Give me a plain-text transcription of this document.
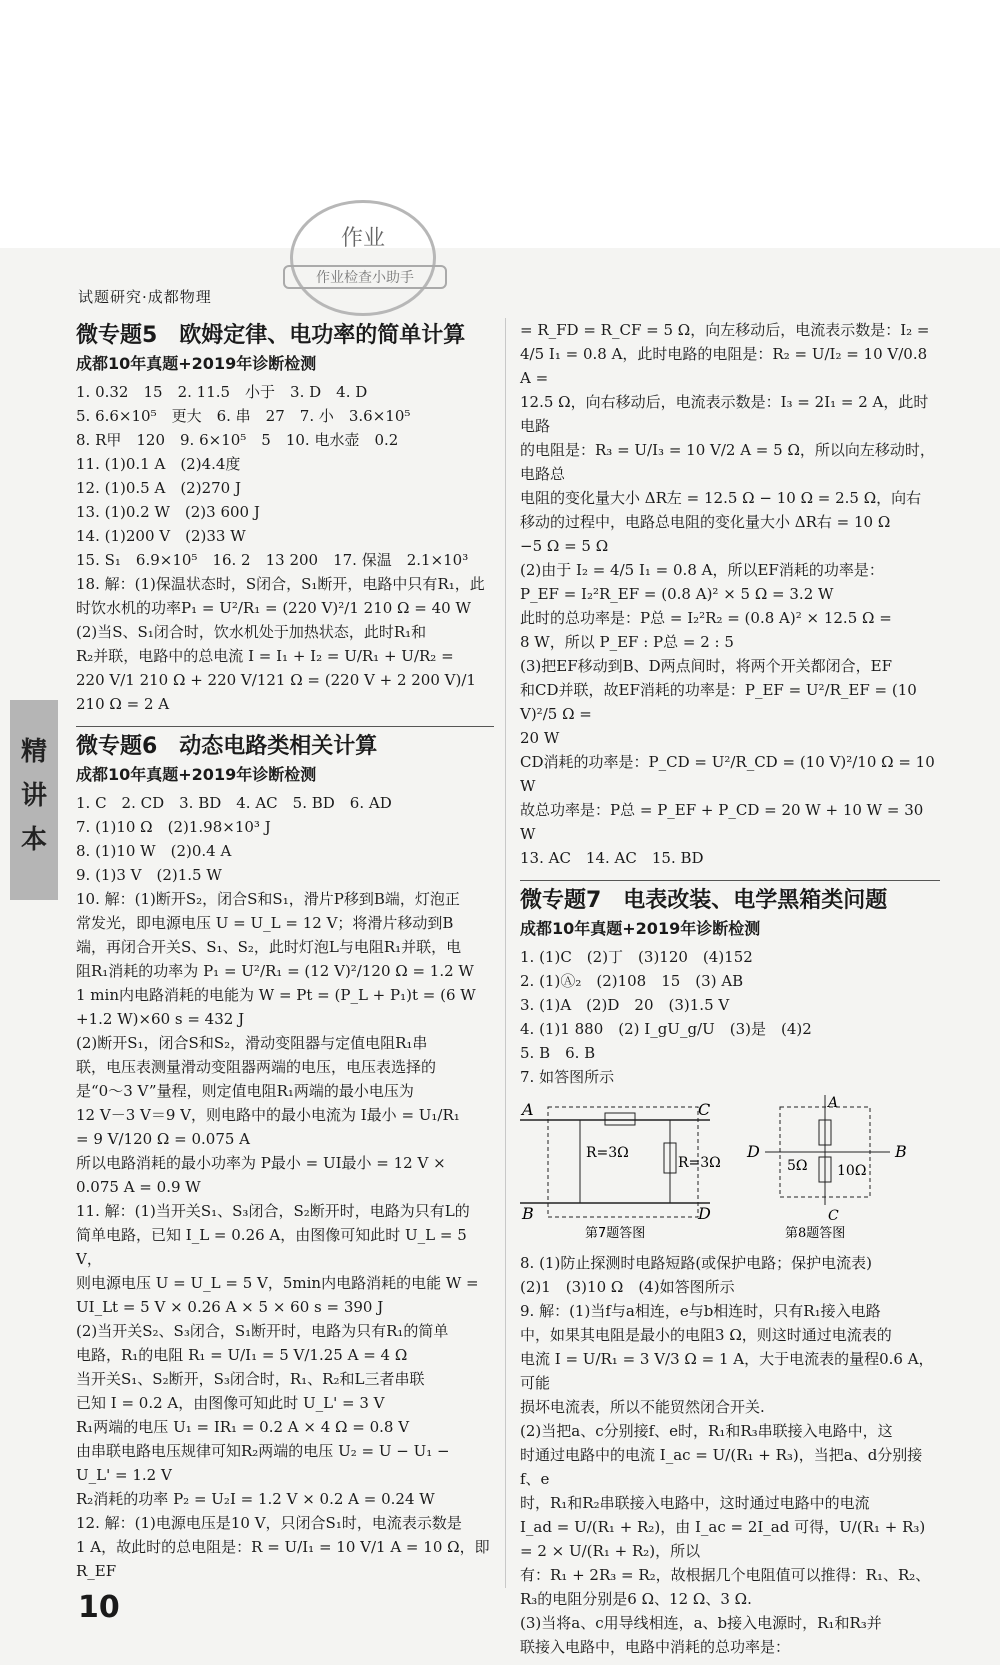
作业
作业检查小助手
试题研究·成都物理
精讲本
微专题5　欧姆定律、电功率的简单计算
成都10年真题+2019年诊断检测
1. 0.32　15　2. 11.5　小于　3. D　4. D
5. 6.6×10⁵　更大　6. 串　27　7. 小　3.6×10⁵
8. R甲　120　9. 6×10⁵　5　10. 电水壶　0.2
11. (1)0.1 A　(2)4.4度
12. (1)0.5 A　(2)270 J
13. (1)0.2 W　(2)3 600 J
14. (1)200 V　(2)33 W
15. S₁　6.9×10⁵　16. 2　13 200　17. 保温　2.1×10³
18. 解：(1)保温状态时，S闭合，S₁断开，电路中只有R₁，此
时饮水机的功率P₁ = U²/R₁ = (220 V)²/1 210 Ω = 40 W
(2)当S、S₁闭合时，饮水机处于加热状态，此时R₁和
R₂并联，电路中的总电流 I = I₁ + I₂ = U/R₁ + U/R₂ =
220 V/1 210 Ω + 220 V/121 Ω = (220 V + 2 200 V)/1 210 Ω = 2 A
微专题6　动态电路类相关计算
成都10年真题+2019年诊断检测
1. C　2. CD　3. BD　4. AC　5. BD　6. AD
7. (1)10 Ω　(2)1.98×10³ J
8. (1)10 W　(2)0.4 A
9. (1)3 V　(2)1.5 W
10. 解：(1)断开S₂，闭合S和S₁，滑片P移到B端，灯泡正
常发光，即电源电压 U = U_L = 12 V；将滑片移动到B
端，再闭合开关S、S₁、S₂，此时灯泡L与电阻R₁并联，电
阻R₁消耗的功率为 P₁ = U²/R₁ = (12 V)²/120 Ω = 1.2 W
1 min内电路消耗的电能为 W = Pt = (P_L + P₁)t = (6 W
+1.2 W)×60 s = 432 J
(2)断开S₁，闭合S和S₂，滑动变阻器与定值电阻R₁串
联，电压表测量滑动变阻器两端的电压，电压表选择的
是“0～3 V”量程，则定值电阻R₁两端的最小电压为
12 V－3 V＝9 V，则电路中的最小电流为 I最小 = U₁/R₁
= 9 V/120 Ω = 0.075 A
所以电路消耗的最小功率为 P最小 = UI最小 = 12 V ×
0.075 A = 0.9 W
11. 解：(1)当开关S₁、S₃闭合，S₂断开时，电路为只有L的
简单电路，已知 I_L = 0.26 A，由图像可知此时 U_L = 5 V，
则电源电压 U = U_L = 5 V，5min内电路消耗的电能 W =
UI_Lt = 5 V × 0.26 A × 5 × 60 s = 390 J
(2)当开关S₂、S₃闭合，S₁断开时，电路为只有R₁的简单
电路，R₁的电阻 R₁ = U/I₁ = 5 V/1.25 A = 4 Ω
当开关S₁、S₂断开，S₃闭合时，R₁、R₂和L三者串联
已知 I = 0.2 A，由图像可知此时 U_L' = 3 V
R₁两端的电压 U₁ = IR₁ = 0.2 A × 4 Ω = 0.8 V
由串联电路电压规律可知R₂两端的电压 U₂ = U − U₁ −
U_L' = 1.2 V
R₂消耗的功率 P₂ = U₂I = 1.2 V × 0.2 A = 0.24 W
12. 解：(1)电源电压是10 V，只闭合S₁时，电流表示数是
1 A，故此时的总电阻是：R = U/I₁ = 10 V/1 A = 10 Ω，即 R_EF
= R_FD = R_CF = 5 Ω，向左移动后，电流表示数是：I₂ =
4/5 I₁ = 0.8 A，此时电路的电阻是：R₂ = U/I₂ = 10 V/0.8 A =
12.5 Ω，向右移动后，电流表示数是：I₃ = 2I₁ = 2 A，此时电路
的电阻是：R₃ = U/I₃ = 10 V/2 A = 5 Ω，所以向左移动时，电路总
电阻的变化量大小 ΔR左 = 12.5 Ω − 10 Ω = 2.5 Ω，向右
移动的过程中，电路总电阻的变化量大小 ΔR右 = 10 Ω
−5 Ω = 5 Ω
(2)由于 I₂ = 4/5 I₁ = 0.8 A，所以EF消耗的功率是：
P_EF = I₂²R_EF = (0.8 A)² × 5 Ω = 3.2 W
此时的总功率是：P总 = I₂²R₂ = (0.8 A)² × 12.5 Ω =
8 W，所以 P_EF : P总 = 2 : 5
(3)把EF移动到B、D两点间时，将两个开关都闭合，EF
和CD并联，故EF消耗的功率是：P_EF = U²/R_EF = (10 V)²/5 Ω =
20 W
CD消耗的功率是：P_CD = U²/R_CD = (10 V)²/10 Ω = 10 W
故总功率是：P总 = P_EF + P_CD = 20 W + 10 W = 30 W
13. AC　14. AC　15. BD
微专题7　电表改装、电学黑箱类问题
成都10年真题+2019年诊断检测
1. (1)C　(2)丁　(3)120　(4)152
2. (1)Ⓐ₂　(2)108　15　(3) AB
3. (1)A　(2)D　20　(3)1.5 V
4. (1)1 880　(2) I_gU_g/U　(3)是　(4)2
5. B　6. B
7. 如答图所示
A	C
B	D
R=3Ω
R=3Ω
第7题答图
A
B
C
D
5Ω 10Ω
第8题答图
8. (1)防止探测时电路短路(或保护电路；保护电流表)
(2)1　(3)10 Ω　(4)如答图所示
9. 解：(1)当f与a相连，e与b相连时，只有R₁接入电路
中，如果其电阻是最小的电阻3 Ω，则这时通过电流表的
电流 I = U/R₁ = 3 V/3 Ω = 1 A，大于电流表的量程0.6 A，可能
损坏电流表，所以不能贸然闭合开关.
(2)当把a、c分别接f、e时，R₁和R₃串联接入电路中，这
时通过电路中的电流 I_ac = U/(R₁ + R₃)，当把a、d分别接f、e
时，R₁和R₂串联接入电路中，这时通过电路中的电流
I_ad = U/(R₁ + R₂)，由 I_ac = 2I_ad 可得，U/(R₁ + R₃) = 2 × U/(R₁ + R₂)，所以
有：R₁ + 2R₃ = R₂，故根据几个电阻值可以推得：R₁、R₂、
R₃的电阻分别是6 Ω、12 Ω、3 Ω.
(3)当将a、c用导线相连，a、b接入电源时，R₁和R₃并
联接入电路中，电路中消耗的总功率是：
10
